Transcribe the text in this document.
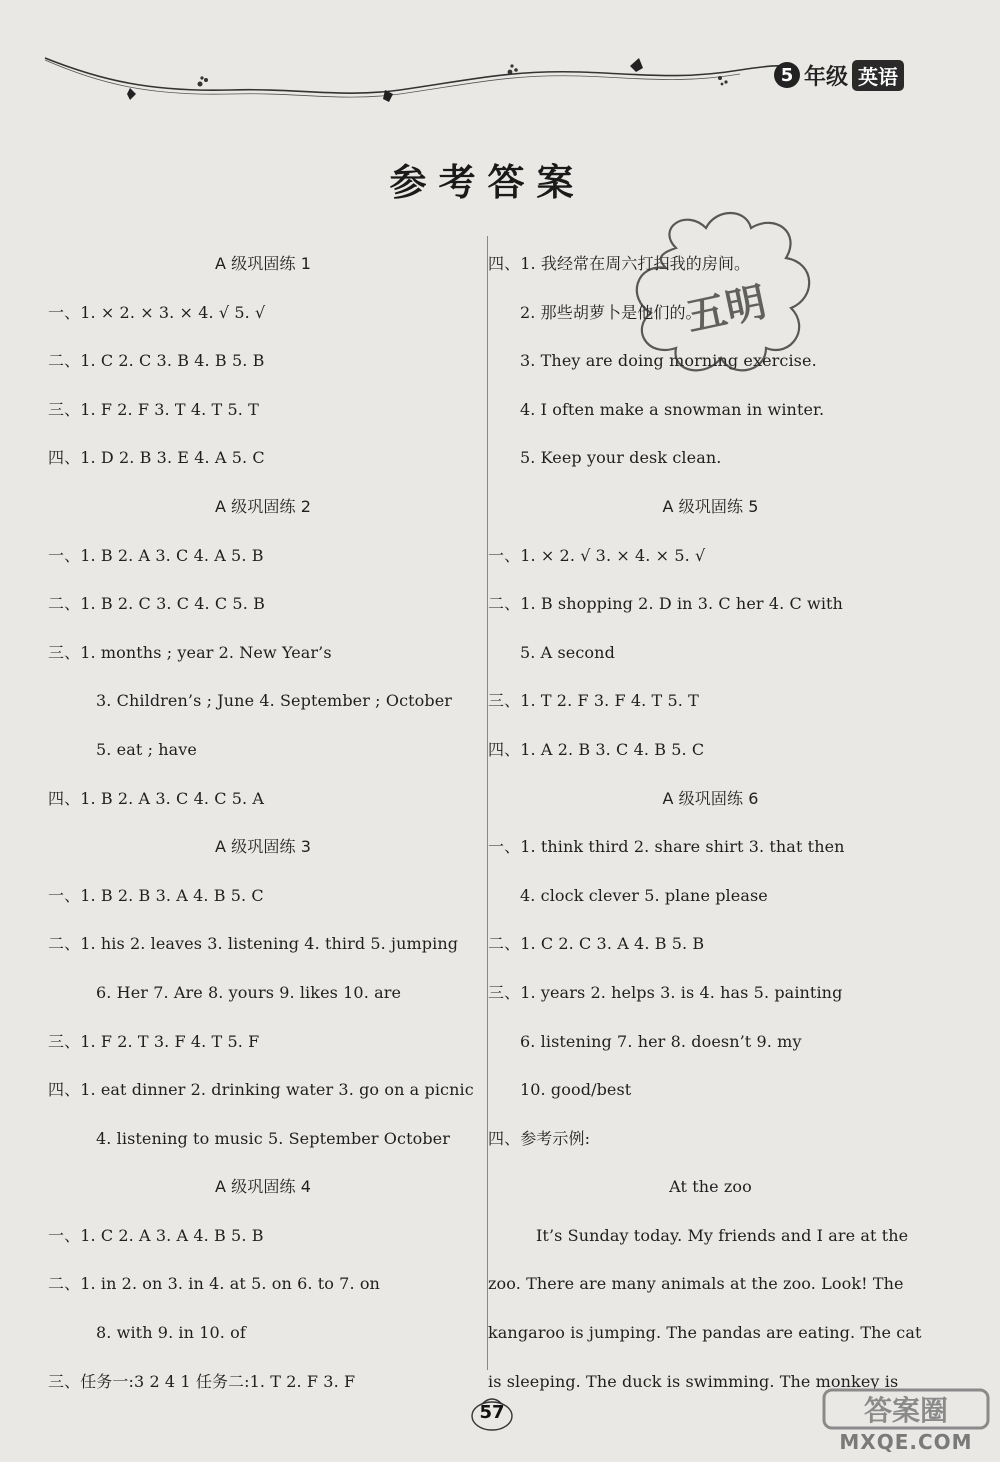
5 年级 英语
参考答案
A 级巩固练 1
一、1. × 2. × 3. × 4. √ 5. √
二、1. C 2. C 3. B 4. B 5. B
三、1. F 2. F 3. T 4. T 5. T
四、1. D 2. B 3. E 4. A 5. C
A 级巩固练 2
一、1. B 2. A 3. C 4. A 5. B
二、1. B 2. C 3. C 4. C 5. B
三、1. months ; year 2. New Year’s
3. Children’s ; June 4. September ; October
5. eat ; have
四、1. B 2. A 3. C 4. C 5. A
A 级巩固练 3
一、1. B 2. B 3. A 4. B 5. C
二、1. his 2. leaves 3. listening 4. third 5. jumping
6. Her 7. Are 8. yours 9. likes 10. are
三、1. F 2. T 3. F 4. T 5. F
四、1. eat dinner 2. drinking water 3. go on a picnic
4. listening to music 5. September October
A 级巩固练 4
一、1. C 2. A 3. A 4. B 5. B
二、1. in 2. on 3. in 4. at 5. on 6. to 7. on
8. with 9. in 10. of
三、任务一:3 2 4 1 任务二:1. T 2. F 3. F
四、1. 我经常在周六打扫我的房间。
2. 那些胡萝卜是他们的。
3. They are doing morning exercise.
4. I often make a snowman in winter.
5. Keep your desk clean.
A 级巩固练 5
一、1. × 2. √ 3. × 4. × 5. √
二、1. B shopping 2. D in 3. C her 4. C with
5. A second
三、1. T 2. F 3. F 4. T 5. T
四、1. A 2. B 3. C 4. B 5. C
A 级巩固练 6
一、1. think third 2. share shirt 3. that then
4. clock clever 5. plane please
二、1. C 2. C 3. A 4. B 5. B
三、1. years 2. helps 3. is 4. has 5. painting
6. listening 7. her 8. doesn’t 9. my
10. good/best
四、参考示例:
At the zoo
It’s Sunday today. My friends and I are at the
zoo. There are many animals at the zoo. Look! The
kangaroo is jumping. The pandas are eating. The cat
is sleeping. The duck is swimming. The monkey is
五明
57	答案圈
MXQE.COM
